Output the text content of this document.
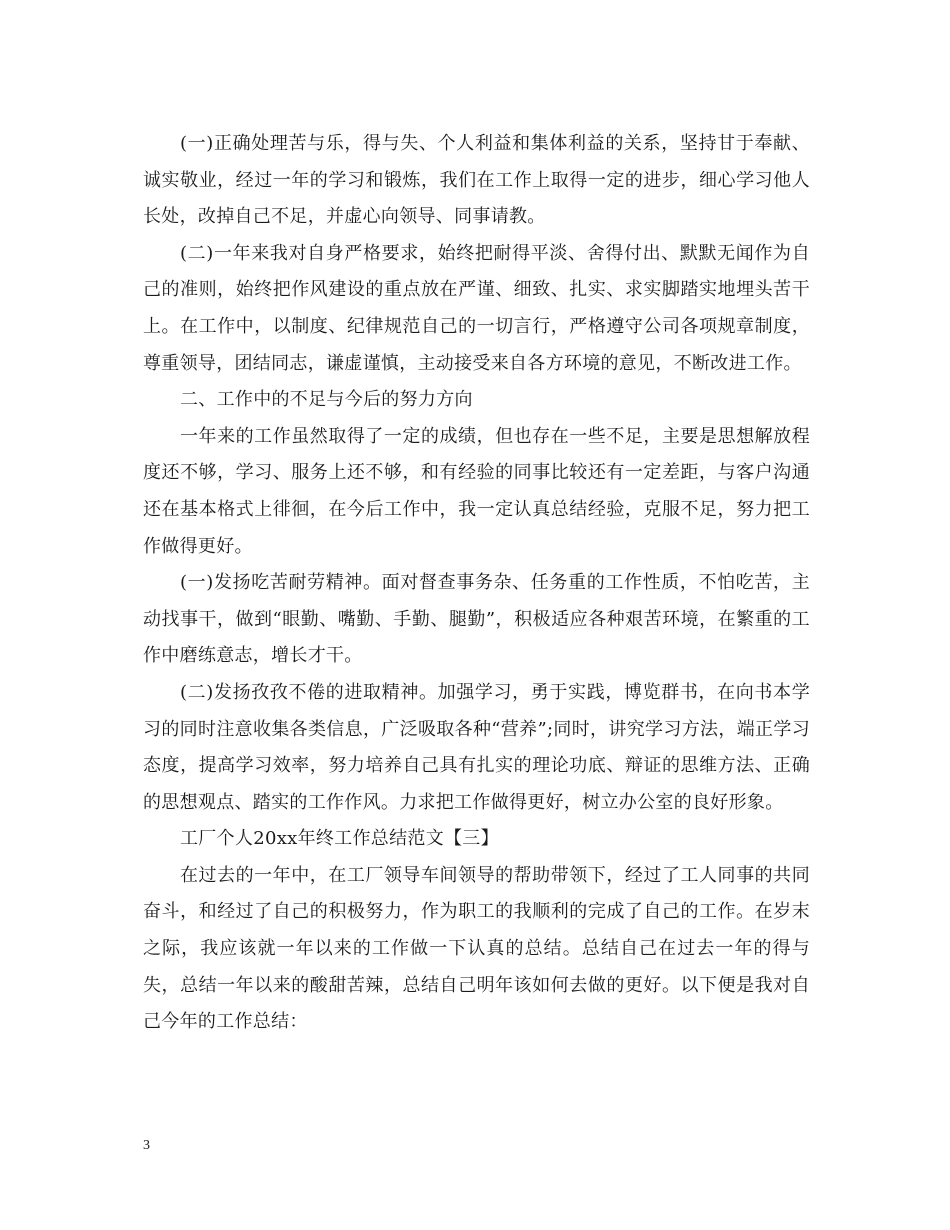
(一)正确处理苦与乐，得与失、个人利益和集体利益的关系，坚持甘于奉献、诚实敬业，经过一年的学习和锻炼，我们在工作上取得一定的进步，细心学习他人长处，改掉自己不足，并虚心向领导、同事请教。

(二)一年来我对自身严格要求，始终把耐得平淡、舍得付出、默默无闻作为自己的准则，始终把作风建设的重点放在严谨、细致、扎实、求实脚踏实地埋头苦干上。在工作中，以制度、纪律规范自己的一切言行，严格遵守公司各项规章制度，尊重领导，团结同志，谦虚谨慎，主动接受来自各方环境的意见，不断改进工作。

二、工作中的不足与今后的努力方向

一年来的工作虽然取得了一定的成绩，但也存在一些不足，主要是思想解放程度还不够，学习、服务上还不够，和有经验的同事比较还有一定差距，与客户沟通还在基本格式上徘徊，在今后工作中，我一定认真总结经验，克服不足，努力把工作做得更好。

(一)发扬吃苦耐劳精神。面对督查事务杂、任务重的工作性质，不怕吃苦，主动找事干，做到“眼勤、嘴勤、手勤、腿勤”，积极适应各种艰苦环境，在繁重的工作中磨练意志，增长才干。

(二)发扬孜孜不倦的进取精神。加强学习，勇于实践，博览群书，在向书本学习的同时注意收集各类信息，广泛吸取各种“营养”;同时，讲究学习方法，端正学习态度，提高学习效率，努力培养自己具有扎实的理论功底、辩证的思维方法、正确的思想观点、踏实的工作作风。力求把工作做得更好，树立办公室的良好形象。

工厂个人20xx年终工作总结范文【三】

在过去的一年中，在工厂领导车间领导的帮助带领下，经过了工人同事的共同奋斗，和经过了自己的积极努力，作为职工的我顺利的完成了自己的工作。在岁末之际，我应该就一年以来的工作做一下认真的总结。总结自己在过去一年的得与失，总结一年以来的酸甜苦辣，总结自己明年该如何去做的更好。以下便是我对自己今年的工作总结：

3
